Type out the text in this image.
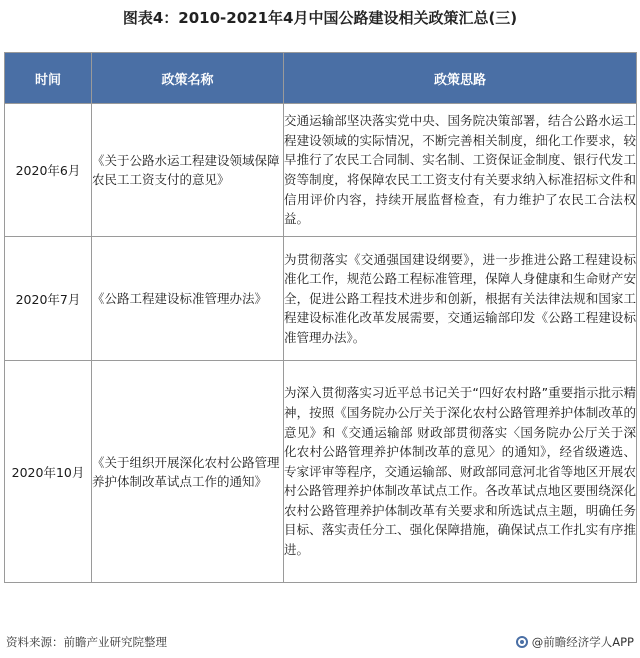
图表4：2010-2021年4月中国公路建设相关政策汇总(三)
时间	政策名称	政策思路
2020年6月	《关于公路水运工程建设领域保障农民工工资支付的意见》	交通运输部坚决落实党中央、国务院决策部署，结合公路水运工程建设领域的实际情况，不断完善相关制度，细化工作要求，较早推行了农民工合同制、实名制、工资保证金制度、银行代发工资等制度，将保障农民工工资支付有关要求纳入标准招标文件和信用评价内容，持续开展监督检查，有力维护了农民工合法权益。
2020年7月	《公路工程建设标准管理办法》	为贯彻落实《交通强国建设纲要》，进一步推进公路工程建设标准化工作，规范公路工程标准管理，保障人身健康和生命财产安全，促进公路工程技术进步和创新，根据有关法律法规和国家工程建设标准化改革发展需要，交通运输部印发《公路工程建设标准管理办法》。
2020年10月	《关于组织开展深化农村公路管理养护体制改革试点工作的通知》	为深入贯彻落实习近平总书记关于“四好农村路”重要指示批示精神，按照《国务院办公厅关于深化农村公路管理养护体制改革的意见》和《交通运输部 财政部贯彻落实〈国务院办公厅关于深化农村公路管理养护体制改革的意见〉的通知》，经省级遴选、专家评审等程序，交通运输部、财政部同意河北省等地区开展农村公路管理养护体制改革试点工作。各改革试点地区要围绕深化农村公路管理养护体制改革有关要求和所选试点主题，明确任务目标、落实责任分工、强化保障措施，确保试点工作扎实有序推进。
资料来源：前瞻产业研究院整理	@前瞻经济学人APP
